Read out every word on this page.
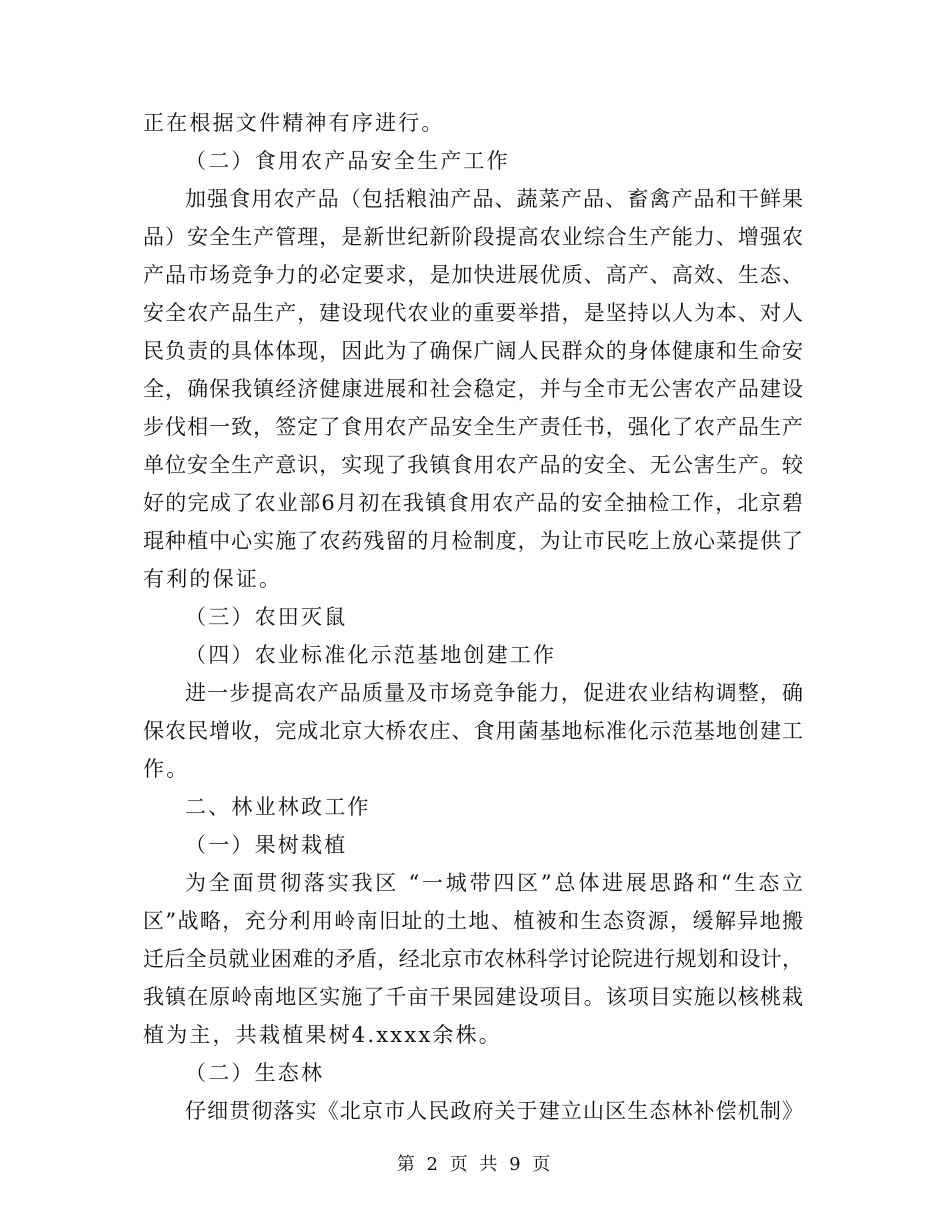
正在根据文件精神有序进行。
（二）食用农产品安全生产工作
加强食用农产品（包括粮油产品、蔬菜产品、畜禽产品和干鲜果
品）安全生产管理，是新世纪新阶段提高农业综合生产能力、增强农
产品市场竞争力的必定要求，是加快进展优质、高产、高效、生态、
安全农产品生产，建设现代农业的重要举措，是坚持以人为本、对人
民负责的具体体现，因此为了确保广阔人民群众的身体健康和生命安
全，确保我镇经济健康进展和社会稳定，并与全市无公害农产品建设
步伐相一致，签定了食用农产品安全生产责任书，强化了农产品生产
单位安全生产意识，实现了我镇食用农产品的安全、无公害生产。较
好的完成了农业部6月初在我镇食用农产品的安全抽检工作，北京碧
琨种植中心实施了农药残留的月检制度，为让市民吃上放心菜提供了
有利的保证。
（三）农田灭鼠
（四）农业标准化示范基地创建工作
进一步提高农产品质量及市场竞争能力，促进农业结构调整，确
保农民增收，完成北京大桥农庄、食用菌基地标准化示范基地创建工
作。
二、林业林政工作
（一）果树栽植
为全面贯彻落实我区 “一城带四区”总体进展思路和“生态立
区”战略，充分利用岭南旧址的土地、植被和生态资源，缓解异地搬
迁后全员就业困难的矛盾，经北京市农林科学讨论院进行规划和设计，
我镇在原岭南地区实施了千亩干果园建设项目。该项目实施以核桃栽
植为主，共栽植果树4.xxxx余株。
（二）生态林
仔细贯彻落实《北京市人民政府关于建立山区生态林补偿机制》
第 2 页 共 9 页
